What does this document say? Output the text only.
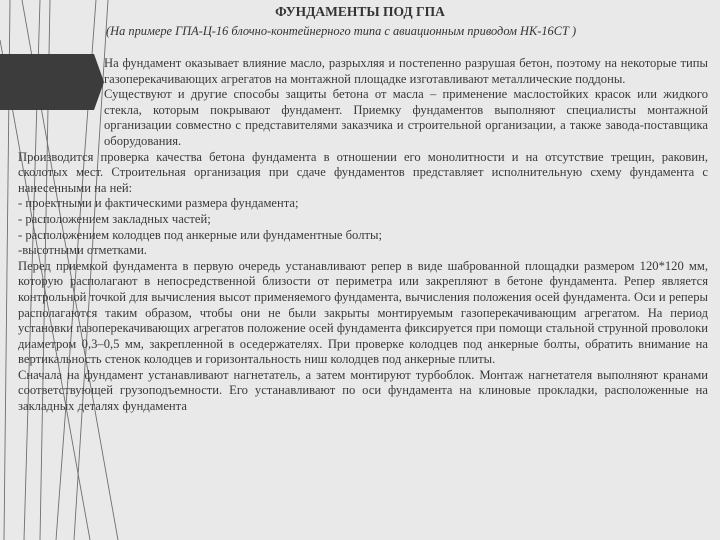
ФУНДАМЕНТЫ ПОД ГПА
(На примере ГПА-Ц-16 блочно-контейнерного типа с авиационным приводом НК-16СТ )

На фундамент оказывает влияние масло, разрыхляя и постепенно разрушая бетон, поэтому на некоторые типы газоперекачивающих агрегатов на монтажной площадке изготавливают металлические поддоны.

Существуют и другие способы защиты бетона от масла – применение маслостойких красок или жидкого стекла, которым покрывают фундамент. Приемку фундаментов выполняют специалисты монтажной организации совместно с представителями заказчика и строительной организации, а также завода-поставщика оборудования.

Производится проверка качества бетона фундамента в отношении его монолитности и на отсутствие трещин, раковин, сколотых мест. Строительная организация при сдаче фундаментов представляет исполнительную схему фундамента с нанесенными на ней:

- проектными и фактическими размера фундамента;

- расположением закладных частей;

- расположением колодцев под анкерные или фундаментные болты;

-высотными отметками.

Перед приемкой фундамента в первую очередь устанавливают репер в виде шаброванной площадки размером 120*120 мм, которую располагают в непосредственной близости от периметра или закрепляют в бетоне фундамента. Репер является контрольной точкой для вычисления высот применяемого фундамента, вычисления положения осей фундамента. Оси и реперы располагаются таким образом, чтобы они не были закрыты монтируемым газоперекачивающим агрегатом. На период установки газоперекачивающих агрегатов положение осей фундамента фиксируется при помощи стальной струнной проволоки диаметром 0,3–0,5 мм, закрепленной в оседержателях. При проверке колодцев под анкерные болты, обратить внимание на вертикальность стенок колодцев и горизонтальность ниш колодцев под анкерные плиты.

Сначала на фундамент устанавливают нагнетатель, а затем монтируют турбоблок. Монтаж нагнетателя выполняют кранами соответствующей грузоподъемности. Его устанавливают по оси фундамента на клиновые прокладки, расположенные на закладных деталях фундамента
